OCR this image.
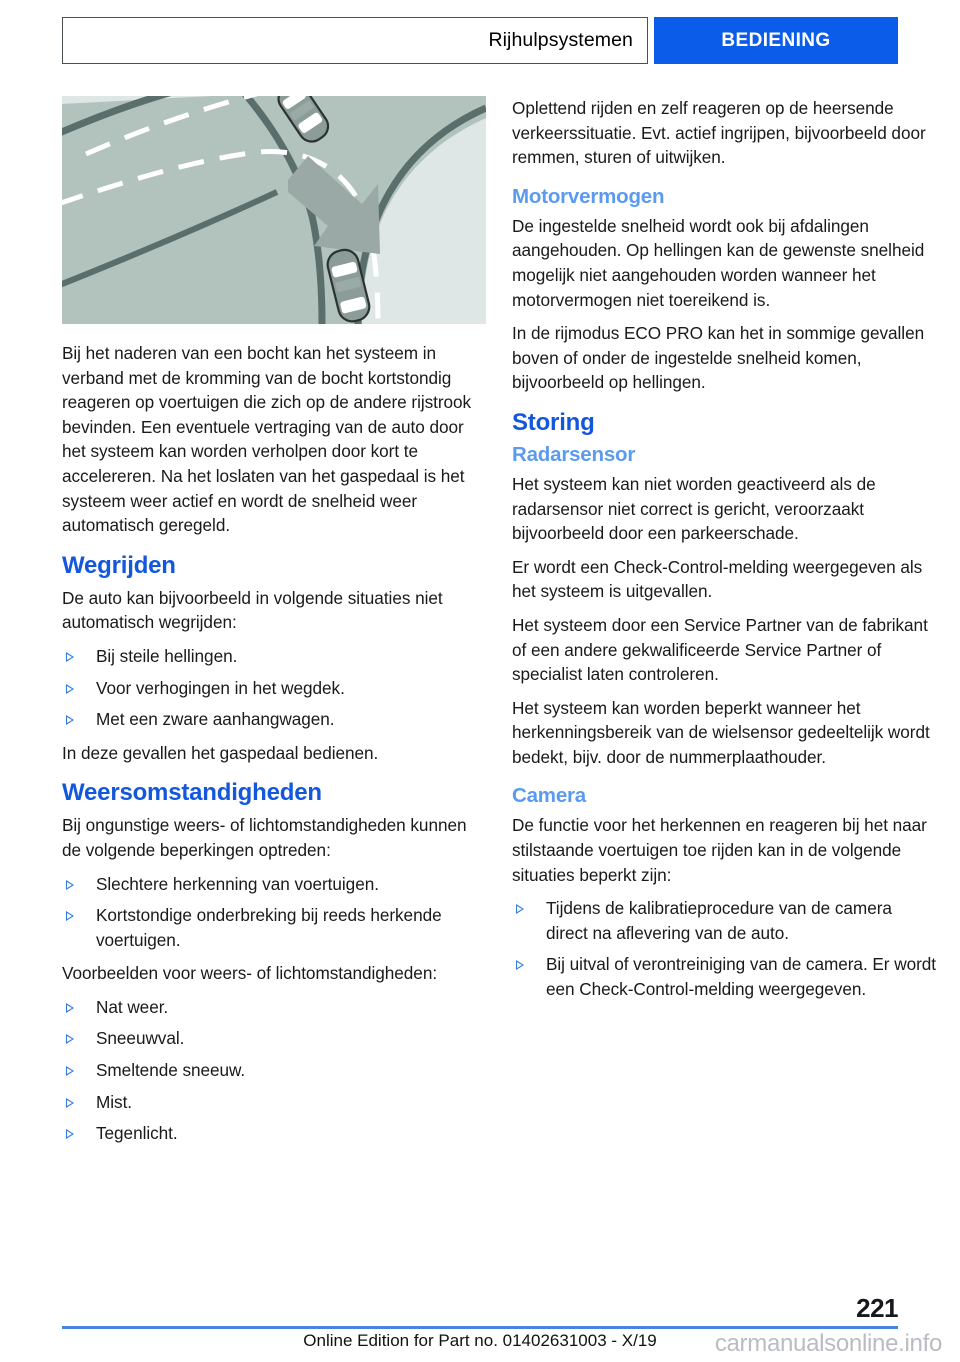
Rijhulpsystemen	BEDIENING

Bij het naderen van een bocht kan het systeem in verband met de kromming van de bocht kortstondig reageren op voertuigen die zich op de andere rijstrook bevinden. Een eventuele vertraging van de auto door het systeem kan worden verholpen door kort te accelereren. Na het loslaten van het gaspedaal is het systeem weer actief en wordt de snelheid weer automatisch geregeld.

Wegrijden

De auto kan bijvoorbeeld in volgende situaties niet automatisch wegrijden:

Bij steile hellingen.
Voor verhogingen in het wegdek.
Met een zware aanhangwagen.

In deze gevallen het gaspedaal bedienen.

Weersomstandigheden

Bij ongunstige weers- of lichtomstandigheden kunnen de volgende beperkingen optreden:

Slechtere herkenning van voertuigen.
Kortstondige onderbreking bij reeds herkende voertuigen.

Voorbeelden voor weers- of lichtomstandigheden:

Nat weer.
Sneeuwval.
Smeltende sneeuw.
Mist.
Tegenlicht.

Oplettend rijden en zelf reageren op de heersende verkeerssituatie. Evt. actief ingrijpen, bijvoorbeeld door remmen, sturen of uitwijken.

Motorvermogen

De ingestelde snelheid wordt ook bij afdalingen aangehouden. Op hellingen kan de gewenste snelheid mogelijk niet aangehouden worden wanneer het motorvermogen niet toereikend is.

In de rijmodus ECO PRO kan het in sommige gevallen boven of onder de ingestelde snelheid komen, bijvoorbeeld op hellingen.

Storing
Radarsensor

Het systeem kan niet worden geactiveerd als de radarsensor niet correct is gericht, veroorzaakt bijvoorbeeld door een parkeerschade.

Er wordt een Check-Control-melding weergegeven als het systeem is uitgevallen.

Het systeem door een Service Partner van de fabrikant of een andere gekwalificeerde Service Partner of specialist laten controleren.

Het systeem kan worden beperkt wanneer het herkenningsbereik van de wielsensor gedeeltelijk wordt bedekt, bijv. door de nummerplaathouder.

Camera

De functie voor het herkennen en reageren bij het naar stilstaande voertuigen toe rijden kan in de volgende situaties beperkt zijn:

Tijdens de kalibratieprocedure van de camera direct na aflevering van de auto.
Bij uitval of verontreiniging van de camera. Er wordt een Check-Control-melding weergegeven.
221
Online Edition for Part no. 01402631003 - X/19	carmanualsonline.info
